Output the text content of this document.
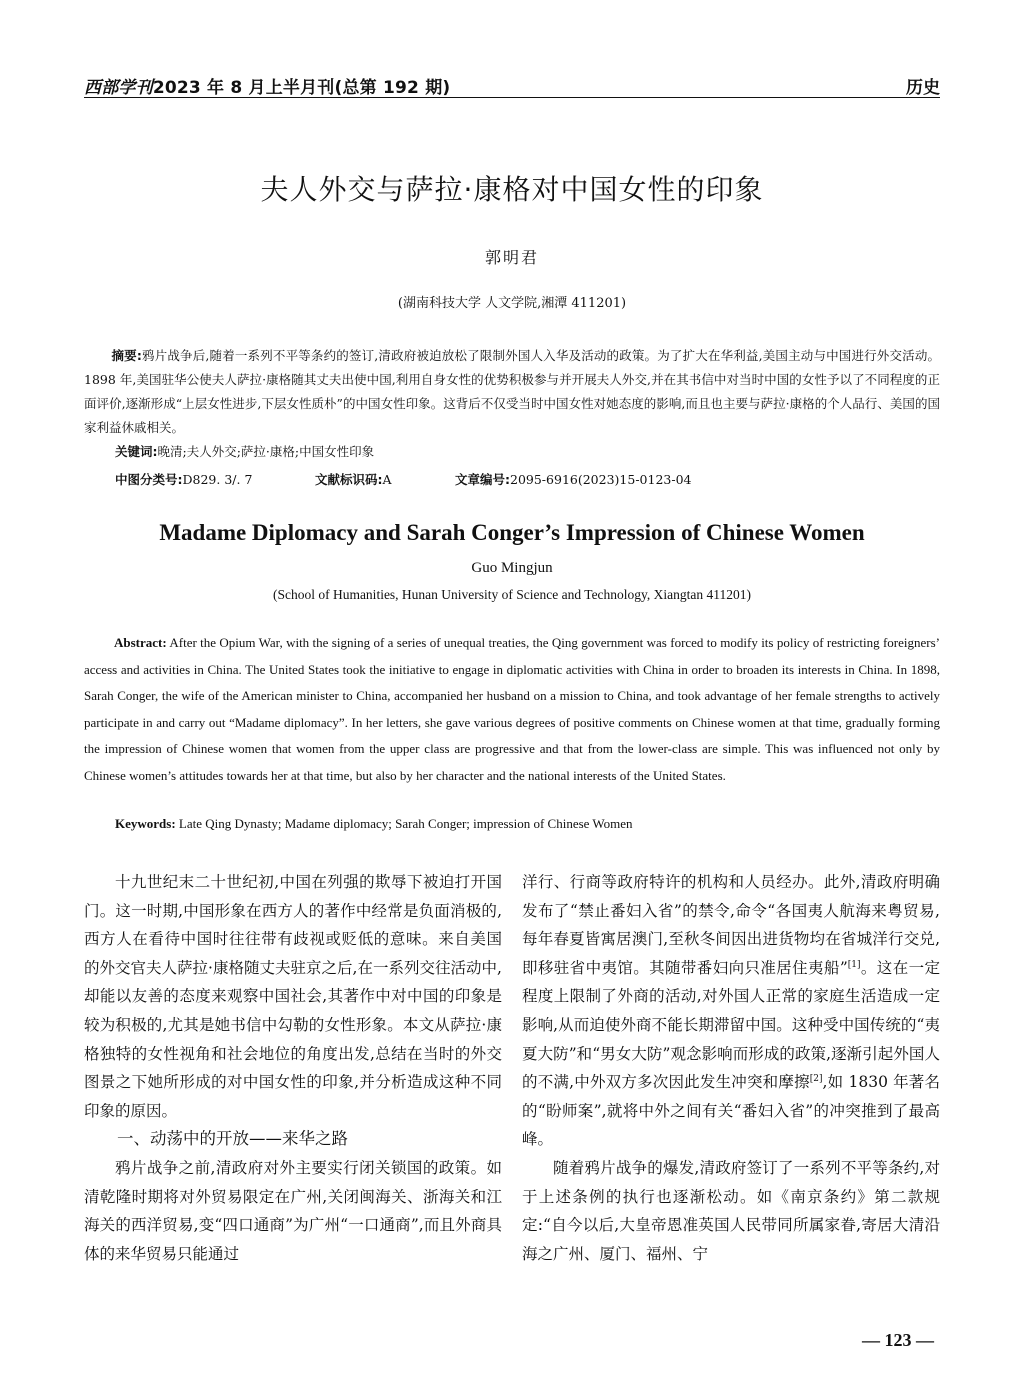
西部学刊2023 年 8 月上半月刊(总第 192 期)	历史
夫人外交与萨拉·康格对中国女性的印象
郭明君
(湖南科技大学 人文学院,湘潭 411201)

摘要:鸦片战争后,随着一系列不平等条约的签订,清政府被迫放松了限制外国人入华及活动的政策。为了扩大在华利益,美国主动与中国进行外交活动。1898 年,美国驻华公使夫人萨拉·康格随其丈夫出使中国,利用自身女性的优势积极参与并开展夫人外交,并在其书信中对当时中国的女性予以了不同程度的正面评价,逐渐形成“上层女性进步,下层女性质朴”的中国女性印象。这背后不仅受当时中国女性对她态度的影响,而且也主要与萨拉·康格的个人品行、美国的国家利益休戚相关。

关键词:晚清;夫人外交;萨拉·康格;中国女性印象
中图分类号:D829. 3/. 7	文献标识码:A	文章编号:2095-6916(2023)15-0123-04
Madame Diplomacy and Sarah Conger’s Impression of Chinese Women
Guo Mingjun
(School of Humanities, Hunan University of Science and Technology, Xiangtan 411201)

Abstract: After the Opium War, with the signing of a series of unequal treaties, the Qing government was forced to modify its policy of restricting foreigners’ access and activities in China. The United States took the initiative to engage in diplomatic activities with China in order to broaden its interests in China. In 1898, Sarah Conger, the wife of the American minister to China, accompanied her husband on a mission to China, and took advantage of her female strengths to actively participate in and carry out “Madame diplomacy”. In her letters, she gave various degrees of positive comments on Chinese women at that time, gradually forming the impression of Chinese women that women from the upper class are progressive and that from the lower-class are simple. This was influenced not only by Chinese women’s attitudes towards her at that time, but also by her character and the national interests of the United States.

Keywords: Late Qing Dynasty; Madame diplomacy; Sarah Conger; impression of Chinese Women

十九世纪末二十世纪初,中国在列强的欺辱下被迫打开国门。这一时期,中国形象在西方人的著作中经常是负面消极的,西方人在看待中国时往往带有歧视或贬低的意味。来自美国的外交官夫人萨拉·康格随丈夫驻京之后,在一系列交往活动中,却能以友善的态度来观察中国社会,其著作中对中国的印象是较为积极的,尤其是她书信中勾勒的女性形象。本文从萨拉·康格独特的女性视角和社会地位的角度出发,总结在当时的外交图景之下她所形成的对中国女性的印象,并分析造成这种不同印象的原因。

一、动荡中的开放——来华之路

鸦片战争之前,清政府对外主要实行闭关锁国的政策。如清乾隆时期将对外贸易限定在广州,关闭闽海关、浙海关和江海关的西洋贸易,变“四口通商”为广州“一口通商”,而且外商具体的来华贸易只能通过

洋行、行商等政府特许的机构和人员经办。此外,清政府明确发布了“禁止番妇入省”的禁令,命令“各国夷人航海来粤贸易,每年春夏皆寓居澳门,至秋冬间因出进货物均在省城洋行交兑,即移驻省中夷馆。其随带番妇向只准居住夷船”[1]。这在一定程度上限制了外商的活动,对外国人正常的家庭生活造成一定影响,从而迫使外商不能长期滞留中国。这种受中国传统的“夷夏大防”和“男女大防”观念影响而形成的政策,逐渐引起外国人的不满,中外双方多次因此发生冲突和摩擦[2],如 1830 年著名的“盼师案”,就将中外之间有关“番妇入省”的冲突推到了最高峰。

随着鸦片战争的爆发,清政府签订了一系列不平等条约,对于上述条例的执行也逐渐松动。如《南京条约》第二款规定:“自今以后,大皇帝恩准英国人民带同所属家眷,寄居大清沿海之广州、厦门、福州、宁

— 123 —
